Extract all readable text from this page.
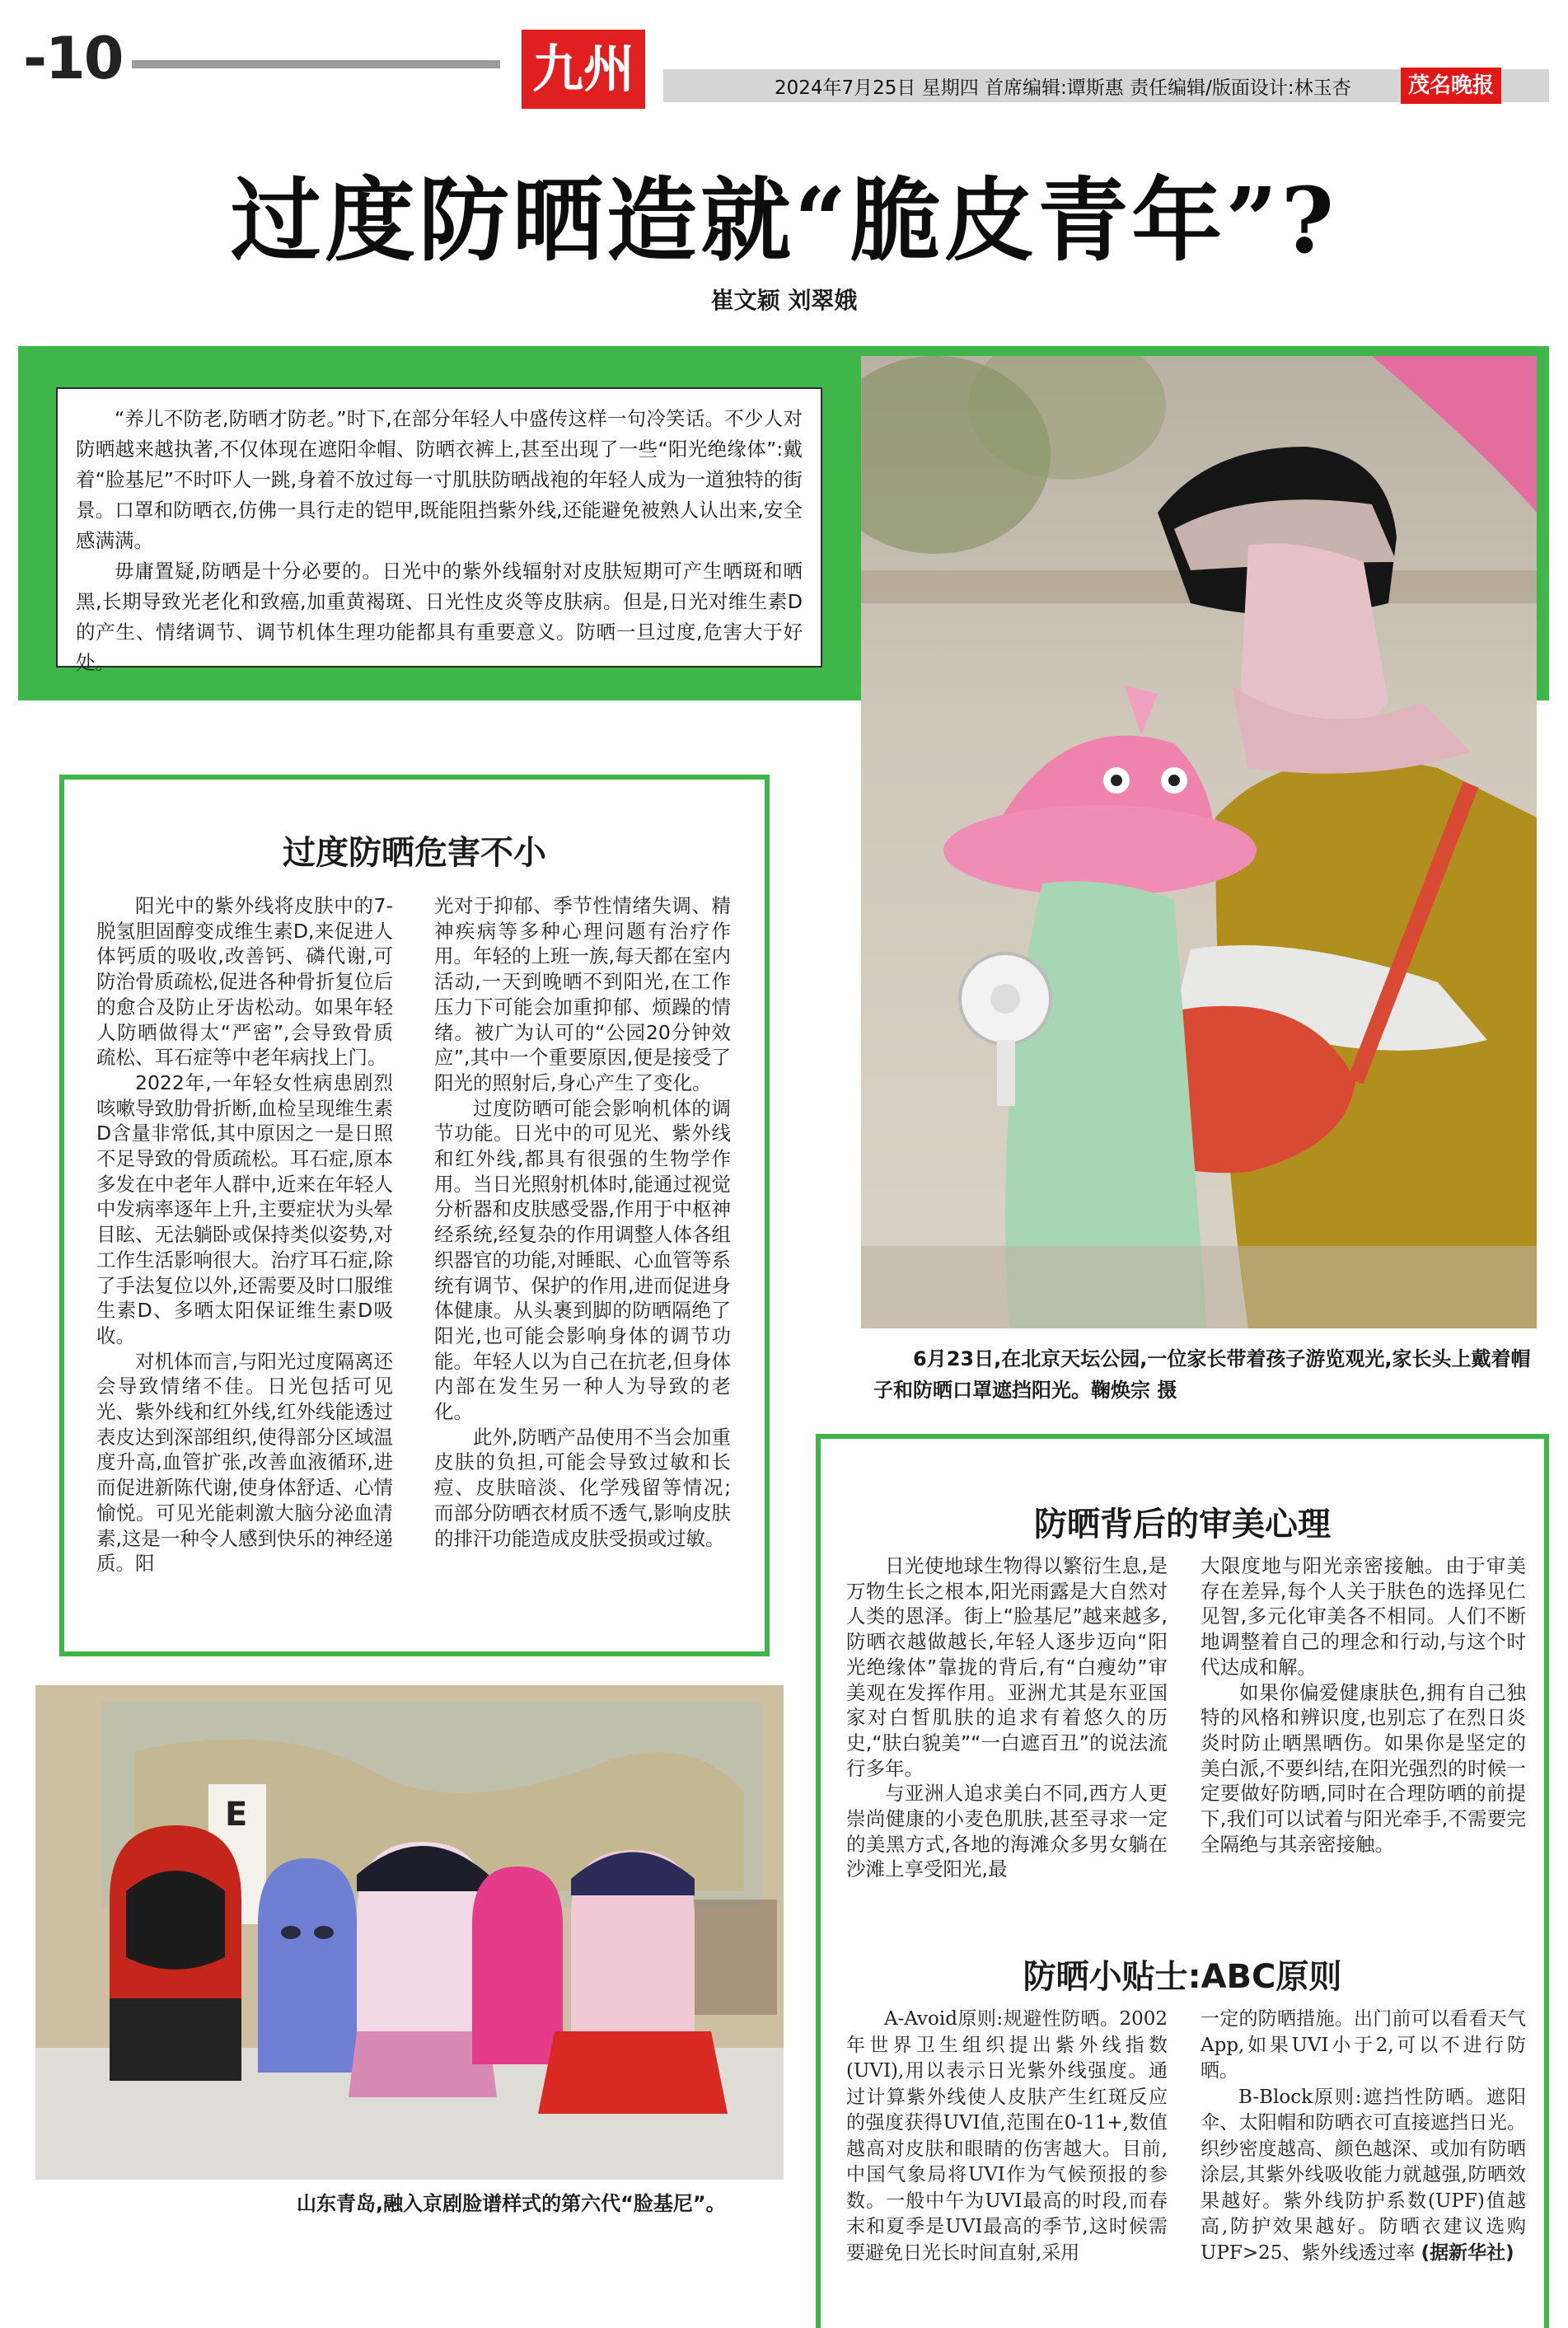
-10	九州	2024年7月25日 星期四 首席编辑:谭斯惠 责任编辑/版面设计:林玉杏	茂名晚报
过度防晒造就“脆皮青年”?
崔文颖 刘翠娥

“养儿不防老,防晒才防老。”时下,在部分年轻人中盛传这样一句冷笑话。不少人对防晒越来越执著,不仅体现在遮阳伞帽、防晒衣裤上,甚至出现了一些“阳光绝缘体”:戴着“脸基尼”不时吓人一跳,身着不放过每一寸肌肤防晒战袍的年轻人成为一道独特的街景。口罩和防晒衣,仿佛一具行走的铠甲,既能阻挡紫外线,还能避免被熟人认出来,安全感满满。

毋庸置疑,防晒是十分必要的。日光中的紫外线辐射对皮肤短期可产生晒斑和晒黑,长期导致光老化和致癌,加重黄褐斑、日光性皮炎等皮肤病。但是,日光对维生素D的产生、情绪调节、调节机体生理功能都具有重要意义。防晒一旦过度,危害大于好处。

6月23日,在北京天坛公园,一位家长带着孩子游览观光,家长头上戴着帽子和防晒口罩遮挡阳光。鞠焕宗 摄
过度防晒危害不小

阳光中的紫外线将皮肤中的7-脱氢胆固醇变成维生素D,来促进人体钙质的吸收,改善钙、磷代谢,可防治骨质疏松,促进各种骨折复位后的愈合及防止牙齿松动。如果年轻人防晒做得太“严密”,会导致骨质疏松、耳石症等中老年病找上门。

2022年,一年轻女性病患剧烈咳嗽导致肋骨折断,血检呈现维生素D含量非常低,其中原因之一是日照不足导致的骨质疏松。耳石症,原本多发在中老年人群中,近来在年轻人中发病率逐年上升,主要症状为头晕目眩、无法躺卧或保持类似姿势,对工作生活影响很大。治疗耳石症,除了手法复位以外,还需要及时口服维生素D、多晒太阳保证维生素D吸收。

对机体而言,与阳光过度隔离还会导致情绪不佳。日光包括可见光、紫外线和红外线,红外线能透过表皮达到深部组织,使得部分区域温度升高,血管扩张,改善血液循环,进而促进新陈代谢,使身体舒适、心情愉悦。可见光能刺激大脑分泌血清素,这是一种令人感到快乐的神经递质。阳

光对于抑郁、季节性情绪失调、精神疾病等多种心理问题有治疗作用。年轻的上班一族,每天都在室内活动,一天到晚晒不到阳光,在工作压力下可能会加重抑郁、烦躁的情绪。被广为认可的“公园20分钟效应”,其中一个重要原因,便是接受了阳光的照射后,身心产生了变化。

过度防晒可能会影响机体的调节功能。日光中的可见光、紫外线和红外线,都具有很强的生物学作用。当日光照射机体时,能通过视觉分析器和皮肤感受器,作用于中枢神经系统,经复杂的作用调整人体各组织器官的功能,对睡眠、心血管等系统有调节、保护的作用,进而促进身体健康。从头裹到脚的防晒隔绝了阳光,也可能会影响身体的调节功能。年轻人以为自己在抗老,但身体内部在发生另一种人为导致的老化。

此外,防晒产品使用不当会加重皮肤的负担,可能会导致过敏和长痘、皮肤暗淡、化学残留等情况;而部分防晒衣材质不透气,影响皮肤的排汗功能造成皮肤受损或过敏。

E
山东青岛,融入京剧脸谱样式的第六代“脸基尼”。
防晒背后的审美心理

日光使地球生物得以繁衍生息,是万物生长之根本,阳光雨露是大自然对人类的恩泽。街上“脸基尼”越来越多,防晒衣越做越长,年轻人逐步迈向“阳光绝缘体”靠拢的背后,有“白瘦幼”审美观在发挥作用。亚洲尤其是东亚国家对白皙肌肤的追求有着悠久的历史,“肤白貌美”“一白遮百丑”的说法流行多年。

与亚洲人追求美白不同,西方人更崇尚健康的小麦色肌肤,甚至寻求一定的美黑方式,各地的海滩众多男女躺在沙滩上享受阳光,最

大限度地与阳光亲密接触。由于审美存在差异,每个人关于肤色的选择见仁见智,多元化审美各不相同。人们不断地调整着自己的理念和行动,与这个时代达成和解。

如果你偏爱健康肤色,拥有自己独特的风格和辨识度,也别忘了在烈日炎炎时防止晒黑晒伤。如果你是坚定的美白派,不要纠结,在阳光强烈的时候一定要做好防晒,同时在合理防晒的前提下,我们可以试着与阳光牵手,不需要完全隔绝与其亲密接触。

防晒小贴士:ABC原则

A-Avoid原则:规避性防晒。2002年世界卫生组织提出紫外线指数(UVI),用以表示日光紫外线强度。通过计算紫外线使人皮肤产生红斑反应的强度获得UVI值,范围在0-11+,数值越高对皮肤和眼睛的伤害越大。目前,中国气象局将UVI作为气候预报的参数。一般中午为UVI最高的时段,而春末和夏季是UVI最高的季节,这时候需要避免日光长时间直射,采用

一定的防晒措施。出门前可以看看天气App,如果UVI小于2,可以不进行防晒。

B-Block原则:遮挡性防晒。遮阳伞、太阳帽和防晒衣可直接遮挡日光。织纱密度越高、颜色越深、或加有防晒涂层,其紫外线吸收能力就越强,防晒效果越好。紫外线防护系数(UPF)值越高,防护效果越好。防晒衣建议选购UPF>25、紫外线透过率 (据新华社)
